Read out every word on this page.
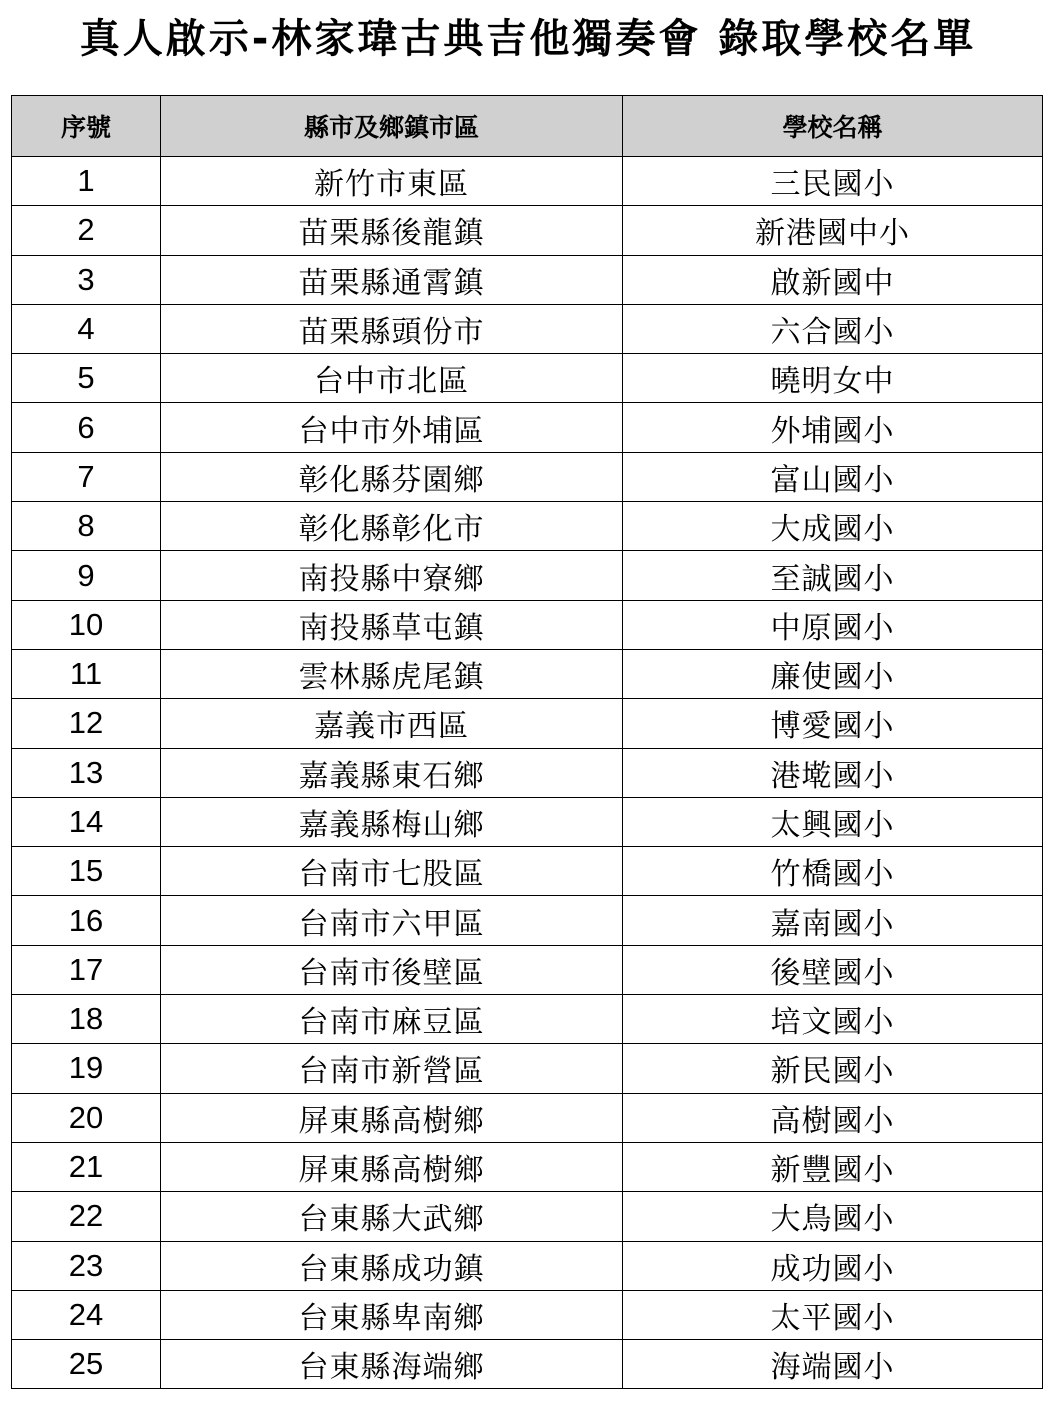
真人啟示-林家瑋古典吉他獨奏會 錄取學校名單
序號	縣市及鄉鎮市區	學校名稱
1	新竹市東區	三民國小
2	苗栗縣後龍鎮	新港國中小
3	苗栗縣通霄鎮	啟新國中
4	苗栗縣頭份市	六合國小
5	台中市北區	曉明女中
6	台中市外埔區	外埔國小
7	彰化縣芬園鄉	富山國小
8	彰化縣彰化市	大成國小
9	南投縣中寮鄉	至誠國小
10	南投縣草屯鎮	中原國小
11	雲林縣虎尾鎮	廉使國小
12	嘉義市西區	博愛國小
13	嘉義縣東石鄉	港墘國小
14	嘉義縣梅山鄉	太興國小
15	台南市七股區	竹橋國小
16	台南市六甲區	嘉南國小
17	台南市後壁區	後壁國小
18	台南市麻豆區	培文國小
19	台南市新營區	新民國小
20	屏東縣高樹鄉	高樹國小
21	屏東縣高樹鄉	新豐國小
22	台東縣大武鄉	大鳥國小
23	台東縣成功鎮	成功國小
24	台東縣卑南鄉	太平國小
25	台東縣海端鄉	海端國小
